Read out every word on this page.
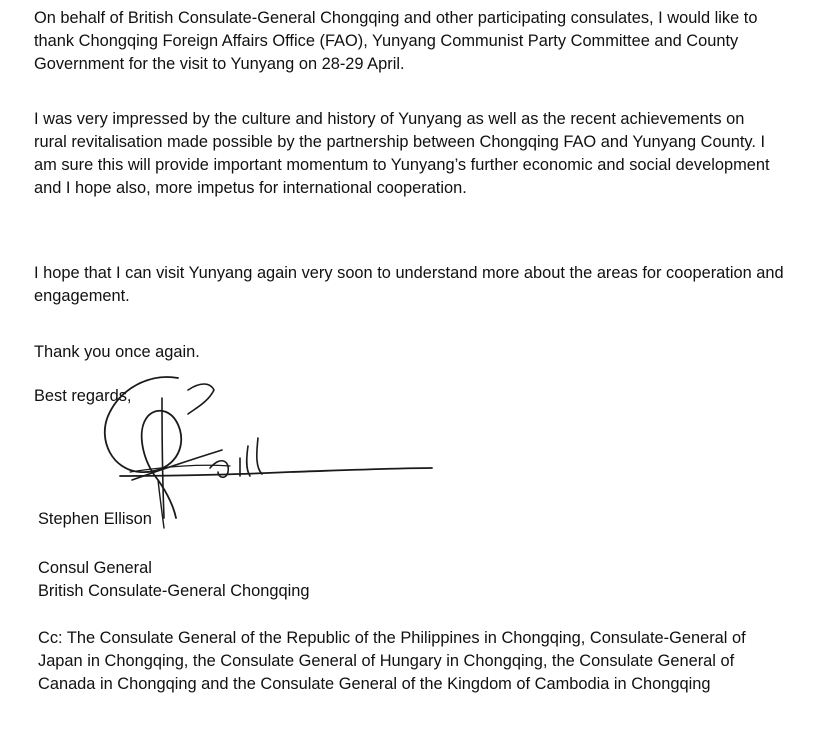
On behalf of British Consulate-General Chongqing and other participating consulates, I would like to thank Chongqing Foreign Affairs Office (FAO), Yunyang Communist Party Committee and County Government for the visit to Yunyang on 28-29 April.

I was very impressed by the culture and history of Yunyang as well as the recent achievements on rural revitalisation made possible by the partnership between Chongqing FAO and Yunyang County. I am sure this will provide important momentum to Yunyang’s further economic and social development and I hope also, more impetus for international cooperation.

I hope that I can visit Yunyang again very soon to understand more about the areas for cooperation and engagement.

Thank you once again.

Best regards,

Stephen Ellison

Consul General

British Consulate-General Chongqing

Cc: The Consulate General of the Republic of the Philippines in Chongqing, Consulate-General of Japan in Chongqing, the Consulate General of Hungary in Chongqing, the Consulate General of Canada in Chongqing and the Consulate General of the Kingdom of Cambodia in Chongqing
